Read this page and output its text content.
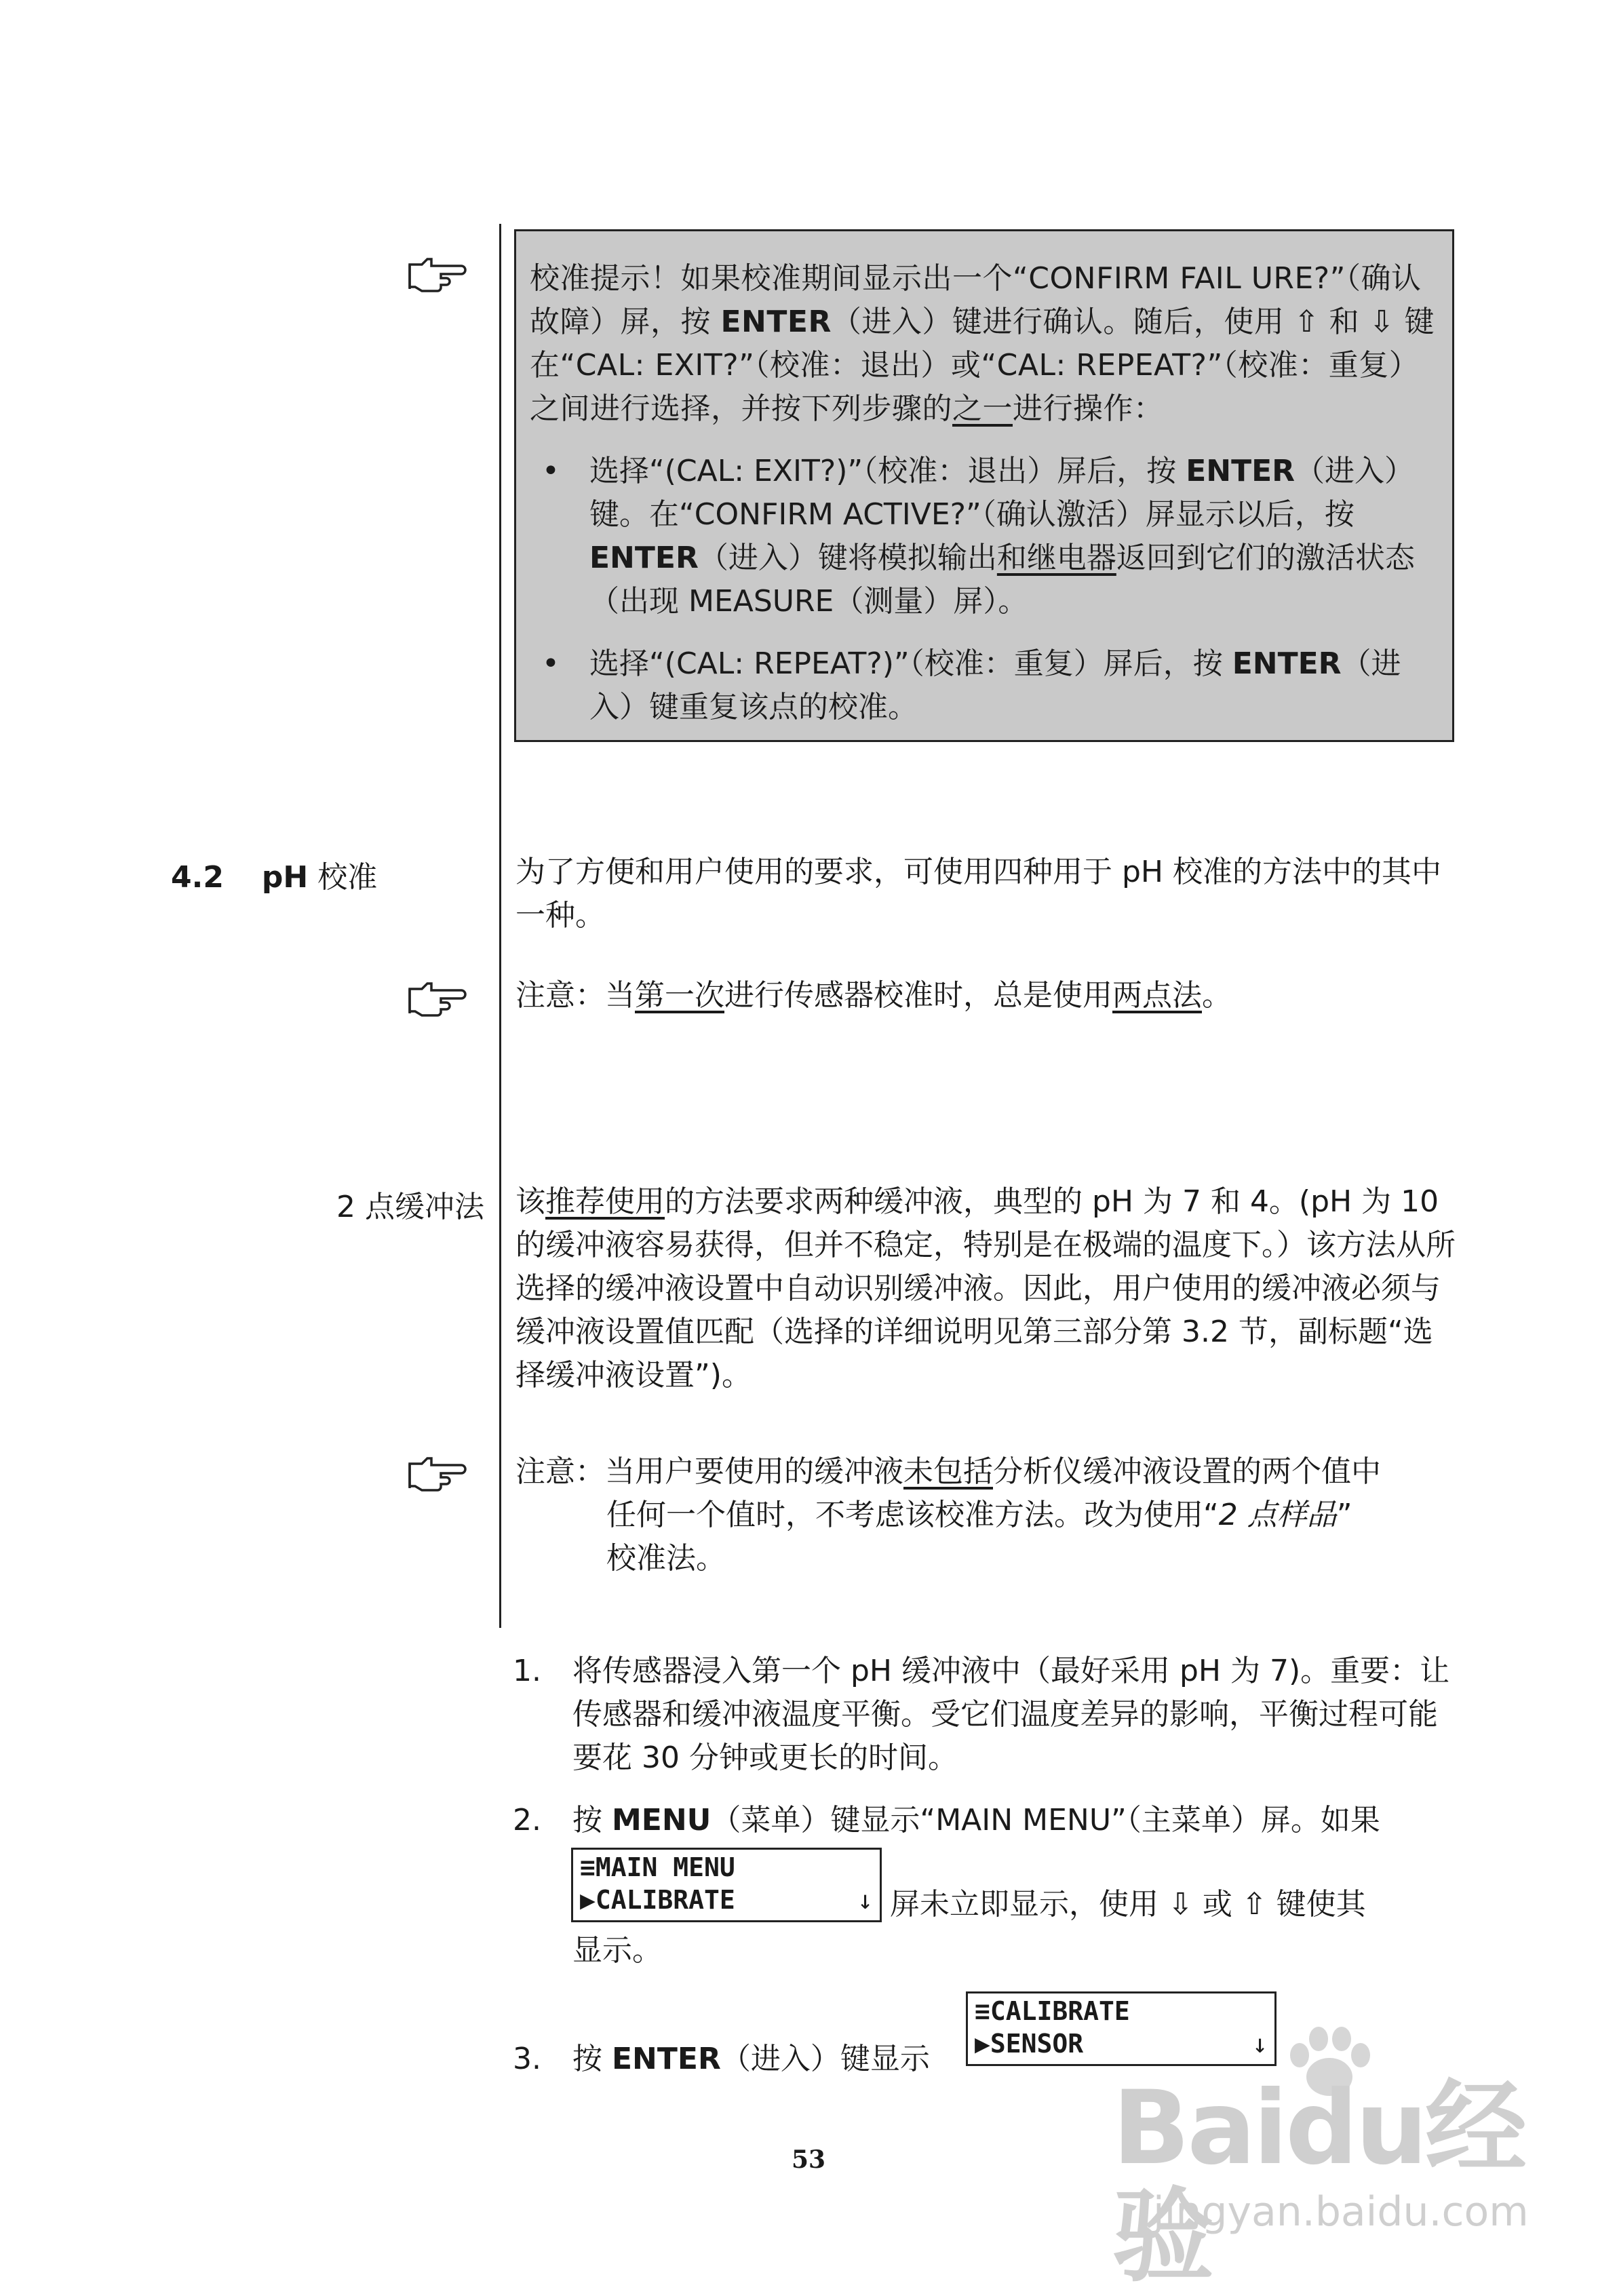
校准提示！如果校准期间显示出一个“CONFIRM FAIL URE?”（确认故障）屏，按 ENTER（进入）键进行确认。随后，使用 ⇧ 和 ⇩ 键在“CAL: EXIT?”（校准：退出）或“CAL: REPEAT?”（校准：重复）之间进行选择，并按下列步骤的之一进行操作：

• 选择“(CAL: EXIT?)”（校准：退出）屏后，按 ENTER（进入）键。在“CONFIRM ACTIVE?”（确认激活）屏显示以后，按 ENTER（进入）键将模拟输出和继电器返回到它们的激活状态（出现 MEASURE（测量）屏）。
• 选择“(CAL: REPEAT?)”（校准：重复）屏后，按 ENTER（进入）键重复该点的校准。
4.2 pH 校准	为了方便和用户使用的要求，可使用四种用于 pH 校准的方法中的其中一种。
注意：当第一次进行传感器校准时，总是使用两点法。
2 点缓冲法 该推荐使用的方法要求两种缓冲液，典型的 pH 为 7 和 4。(pH 为 10 的缓冲液容易获得，但并不稳定，特别是在极端的温度下。）该方法从所选择的缓冲液设置中自动识别缓冲液。因此，用户使用的缓冲液必须与缓冲液设置值匹配（选择的详细说明见第三部分第 3.2 节，副标题“选择缓冲液设置”)。
注意：当用户要使用的缓冲液未包括分析仪缓冲液设置的两个值中
任何一个值时，不考虑该校准方法。改为使用“2 点样品”
校准法。
1. 将传感器浸入第一个 pH 缓冲液中（最好采用 pH 为 7)。重要：让传感器和缓冲液温度平衡。受它们温度差异的影响，平衡过程可能要花 30 分钟或更长的时间。
2. 按 MENU（菜单）键显示“MAIN MENU”（主菜单）屏。如果
屏未立即显示，使用 ⇩ 或 ⇧ 键使其
显示。
≡MAIN MENU
▶CALIBRATE	↓
3. 按 ENTER（进入）键显示
≡CALIBRATE
▶SENSOR	↓
53	Baidu经验
jingyan.baidu.com
